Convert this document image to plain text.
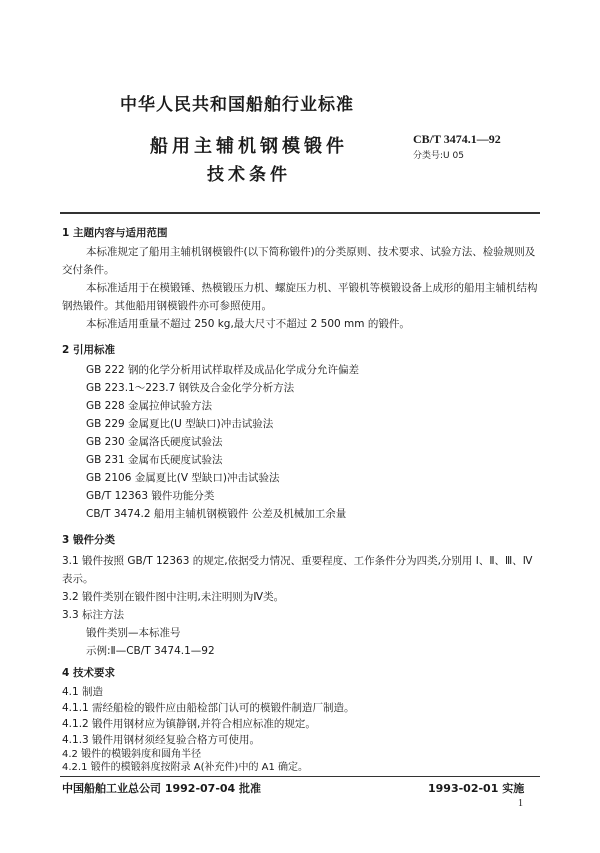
中华人民共和国船舶行业标准
船用主辅机钢模锻件
技术条件
CB/T 3474.1—92
分类号:U 05
1 主题内容与适用范围
本标准规定了船用主辅机钢模锻件(以下简称锻件)的分类原则、技术要求、试验方法、检验规则及
交付条件。
本标准适用于在模锻锤、热模锻压力机、螺旋压力机、平锻机等模锻设备上成形的船用主辅机结构
钢热锻件。其他船用钢模锻件亦可参照使用。
本标准适用重量不超过 250 kg,最大尺寸不超过 2 500 mm 的锻件。
2 引用标准
GB 222 钢的化学分析用试样取样及成品化学成分允许偏差
GB 223.1～223.7 钢铁及合金化学分析方法
GB 228 金属拉伸试验方法
GB 229 金属夏比(U 型缺口)冲击试验法
GB 230 金属洛氏硬度试验法
GB 231 金属布氏硬度试验法
GB 2106 金属夏比(V 型缺口)冲击试验法
GB/T 12363 锻件功能分类
CB/T 3474.2 船用主辅机钢模锻件 公差及机械加工余量
3 锻件分类
3.1 锻件按照 GB/T 12363 的规定,依据受力情况、重要程度、工作条件分为四类,分别用 Ⅰ、Ⅱ、Ⅲ、Ⅳ
表示。
3.2 锻件类别在锻件图中注明,未注明则为Ⅳ类。
3.3 标注方法
锻件类别—本标准号
示例:Ⅱ—CB/T 3474.1—92
4 技术要求
4.1 制造
4.1.1 需经船检的锻件应由船检部门认可的模锻件制造厂制造。
4.1.2 锻件用钢材应为镇静钢,并符合相应标准的规定。
4.1.3 锻件用钢材须经复验合格方可使用。
中国船舶工业总公司 1992-07-04 批准	1993-02-01 实施
1
4.2 锻件的模锻斜度和圆角半径
4.2.1 锻件的模锻斜度按附录 A(补充件)中的 A1 确定。
